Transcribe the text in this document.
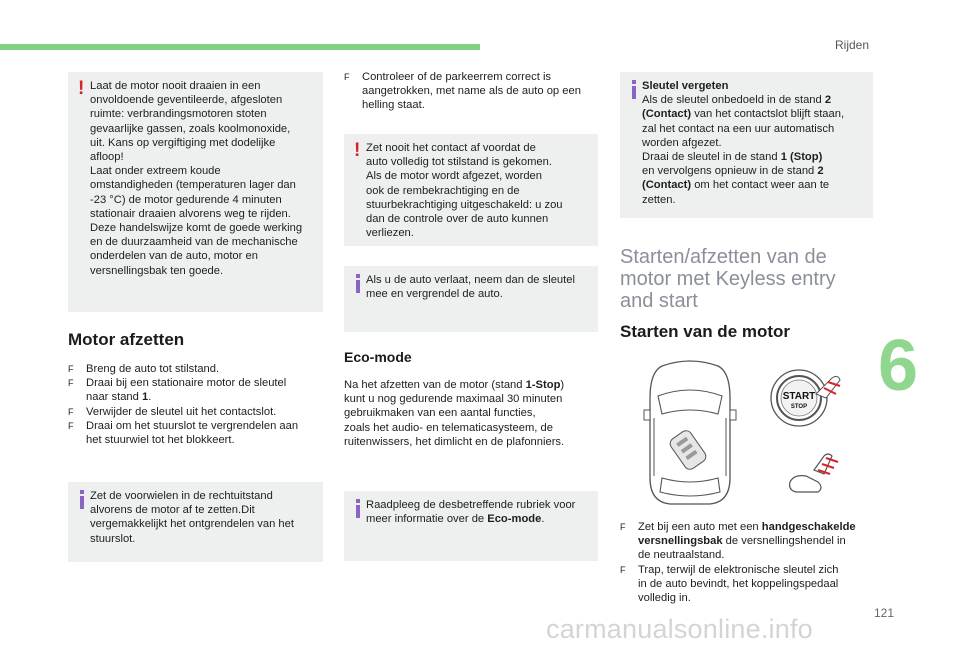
Rijden
6
! Laat de motor nooit draaien in een

onvoldoende geventileerde, afgesloten

ruimte: verbrandingsmotoren stoten

gevaarlijke gassen, zoals koolmonoxide,

uit. Kans op vergiftiging met dodelijke

afloop!

Laat onder extreem koude

omstandigheden (temperaturen lager dan

-23 °C) de motor gedurende 4 minuten

stationair draaien alvorens weg te rijden.

Deze handelswijze komt de goede werking

en de duurzaamheid van de mechanische

onderdelen van de auto, motor en

versnellingsbak ten goede.

Motor afzetten
F Breng de auto tot stilstand.
F Draai bij een stationaire motor de sleutel
naar stand 1.
F Verwijder de sleutel uit het contactslot.
F Draai om het stuurslot te vergrendelen aan
het stuurwiel tot het blokkeert.

Zet de voorwielen in de rechtuitstand

alvorens de motor af te zetten.Dit

vergemakkelijkt het ontgrendelen van het

stuurslot.

F Controleer of de parkeerrem correct is
aangetrokken, met name als de auto op een
helling staat.
! Zet nooit het contact af voordat de

auto volledig tot stilstand is gekomen.

Als de motor wordt afgezet, worden

ook de rembekrachtiging en de

stuurbekrachtiging uitgeschakeld: u zou

dan de controle over de auto kunnen

verliezen.

Als u de auto verlaat, neem dan de sleutel

mee en vergrendel de auto.

Eco-mode

Na het afzetten van de motor (stand 1-Stop)

kunt u nog gedurende maximaal 30 minuten

gebruikmaken van een aantal functies,

zoals het audio- en telematicasysteem, de

ruitenwissers, het dimlicht en de plafonniers.

Raadpleeg de desbetreffende rubriek voor

meer informatie over de Eco-mode.

Sleutel vergeten

Als de sleutel onbedoeld in de stand 2

(Contact) van het contactslot blijft staan,

zal het contact na een uur automatisch

worden afgezet.

Draai de sleutel in de stand 1 (Stop)

en vervolgens opnieuw in de stand 2

(Contact) om het contact weer aan te

zetten.

Starten/afzetten van de
motor met Keyless entry
and start
Starten van de motor
START
STOP
F Zet bij een auto met een handgeschakelde
versnellingsbak de versnellingshendel in
de neutraalstand.
F Trap, terwijl de elektronische sleutel zich
in de auto bevindt, het koppelingspedaal
volledig in.
carmanualsonline.info
121
